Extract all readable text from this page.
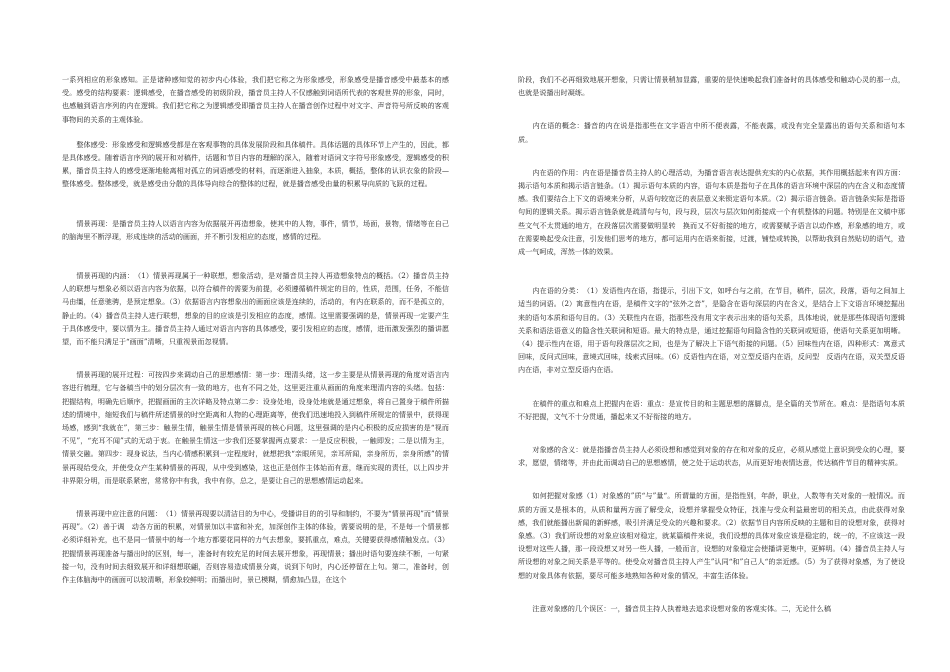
一系列相应的形象感知。正是诸种感知觉的初步内心体验，我们把它称之为形象感受，形象感受是播音感受中最基本的感受。感受的结构要素：逻辑感受，在播音感受的初级阶段，播音员主持人不仅感触到词语所代表的客观世界的形象，同时，也感触到语言序列的内在逻辑。我们把它称之为逻辑感受即播音员主持人在播音创作过程中对文字、声音符号所反映的客观事物间的关系的主观体验。

　　整体感受：形象感受和逻辑感受都是在客观事物的具体发展阶段和具体稿件。具体话题的具体环节上产生的，因此，都是具体感受。随着语言序列的展开和对稿件，话题和节目内容的理解的深入，随着对语词文字符号形象感受，逻辑感受的积累，播音员主持人的感受逐渐地舱离相对孤立的词语感受的材料，而逐渐进入抽象，本质，概括，整体的认识衣象的阶段—整体感受。整体感受，就是感受由分散的具体导向综合的整体的过程，就是播音感受由量的积累导向质的飞跃的过程。

　　情景再现：是播音员主持人以语言内容为依据展开再造想象，使其中的人物，事件，情节，场面，景物，情绪等在自己的脑海里不断浮现，形成连续的活动的画面，并不断引发相应的态度，感情的过程。

　　情景再现的内涵：　（1）情景再现属于一种联想，想象活动，是对播音员主持人再造想象特点的概括。（2）播音员主持人的联想与想象必须以语言内容为依据，以符合稿件的需要为前提，必须遵循稿件规定的目的，性质，范围，任务，不能信马由缰，任意驰骋，是预定想象。（3）依据语言内容想象出的画面应该是连续的，活动的，有内在联系的，而不是孤立的，静止的。（4）播音员主持人进行联想，想象的目的应该是引发相应的态度，感情。这里需要强调的是，情景再现一定要产生于具体感受中，要以情为主。播音员主持人通过对语言内容的具体感受，要引发相应的态度，感情，进而激发强烈的播讲愿望，而不能只满足于“画面”清晰，只重视景而忽视情。

　　情景再现的展开过程：可按四步来调动自己的思想感情：第一步：理清头绪，这一步主要是从情景再现的角度对语言内容进行梳理，它与备稿当中的划分层次有一致的地方，也有不同之处，这里更注重从画面的角度来理清内容的头绪。包括：把握结构，明确先后顺序，把握画面的主次详略及特点第二步：设身处地，设身处地就是通过想象，将自己置身于稿件所描述的情境中，缩短我们与稿件所述情景的时空距离和人物的心理距离等，使我们迅速地投入到稿件所规定的情景中，获得现场感，感到“我就在”，第三步：触景生情，触景生情是情景再现的核心问题，这里强调的是内心积极的反应损害的是“视而不见”，“充耳不闻”式的无动于衷。在触景生情这一步我们还要掌握两点要求：一是反应积极，一触即发；二是以情为主，情景交融。第四步：现身说法，当内心情感积累到一定程度时，就想把我“亲眼所见，亲耳所闻，亲身所历，亲身所感”的情景再现给受众，并使受众产生某种情景的再现，从中受到感染，这也正是创作主体始而有意，继而实现的责任，以上四步并非界限分明，而是联系紧密，常常你中有我，我中有你，总之，是要让自己的思想感情运动起来。

　　情景再现中应注意的问题：　（1）情景再现要以清洁目的为中心，受播讲目的的引导和制约，不要为“情景再现”而“情景再现”。（2）善于调　动各方面的积累，对情景加以丰富和补充，加深创作主体的体验，需要说明的是，不是每一个情景都必须详细补充，也不是同一情景中的每一个地方都要花同样的力气去想象，要抓重点，难点，关键要获得感情触发点。（3）把握情景再现准备与播出时的区别，每一，准备时有较充足的时间去展开想象，再现情景；播出时语句要连续不断，一句紧接一句，没有时间去细致展开和详细想联翩，否则容易造成情景分离，说到下句时，内心还停留在上句。第二，准备时，创作主体脑海中的画面可以较清晰，形象较鲜明；而播出时，景已模糊，情愈加凸显，在这个

阶段，我们不必再细致地展开想象，只需让情景稍加显露，重要的是快速唤起我们准备时的具体感受和触动心灵的那一点，也就是说播出时凝练。

　　内在语的概念：播音的内在说是指那些在文字语言中所不便表露，不能表露，或没有完全显露出的语句关系和语句本质。

　　内在语的作用：内在语是播音员主持人的心理活动，为播音语言表达提供充实的内心依据，其作用概括起来有四方面：揭示语句本质和揭示语言链条。（1）揭示语句本质的内容，语句本质是指句子在具体的语言环境中深层的内在含义和态度情感。我们要结合上下文的语境来分析，从语句较宽泛的表层意义来锁定语句本质。（2）揭示语言链条。语言链条实际是指语句间的逻辑关系。揭示语言链条就是疏清句与句，段与段，层次与层次如何衔接成一个有机整体的问题。特别是在文稿中那些文气不太贯通的地方，在段落层次需要做明显转　换而又不好衔接的地方，或需要赋予语言以动作感，形象感的地方，或在需要唤起受众注意，引发他们思考的地方，都可运用内在语来衔接，过渡，铺垫或转换，以帮助我到自然贴切的语气，造成一气呵成，浑然一体的效果。

　　内在语的分类：　（1）发语性内在语，指提示，引出下文，如呼台与之前，在节目，稿件，层次，段落，语句之间加上适当的词语。（2）寓意性内在语，是稿件文字的“弦外之音”，是隐含在语句深层的内在含义，是结合上下文语言环境挖掘出来的语句本质和语句目的。（3）关联性内在语，指那些没有用文字表示出来的语句关系，具体地说，就是那些体现语句逻辑关系和语法语意义的隐含性关联词和短语。最大的特点是，通过挖掘语句间隐含性的关联词或短语，使语句关系更加明晰。（4）提示性内在语，用于语句段落层次之间，也是为了解决上下语气衔接的问题。（5）回味性内在语，四种形式：寓意式回味，反问式回味，意境式回味，线索式回味。（6）反语性内在语，对立型反语内在语，反问型　反语内在语，双关型反语内在语，非对立型反语内在语。

　　在稿件的重点和难点上把握内在语：重点：是宣传目的和主题思想的落脚点，是全篇的关节所在。难点：是指语句本质不好把握，文气不十分贯通，播起来又不好衔接的地方。

　　对象感的含义：就是指播音员主持人必须设想和感觉到对象的存在和对象的反应，必须从感觉上意识到受众的心理，要求，愿望，情绪等，并由此而调动自己的思想感情，使之处于运动状态，从而更好地表情达意，传达稿件节目的精神实质。

　　如何把握对象感（1）对象感的”质“与”量“。所谓量的方面，是指性别，年龄，职业，人数等有关对象的一般情况。而质的方面又是根本的，从质和量两方面了解受众，设想并掌握受众特征，找准与受众利益最密切的相关点，由此获得对象感，我们就能播出新闻的新鲜感，吸引并满足受众的兴趣和要求。（2）依据节目内容所反映的主题和目的设想对象，获得对象感。（3）我们所设想的对象应该相对稳定，就某篇稿件来说，我们设想的具体对象应该是稳定的，统一的，不应该这一段设想对这些人播，那一段设想又对另一些人播，一般而言，设想的对象稳定会使播讲更集中，更鲜明。（4）播音员主持人与所设想的对象之间关系是平等的。使受众对播音员主持人产生”认同“和”自己人“的亲近感。（5）为了获得对象感，为了使设想的对象具体有依据，要尽可能多地熟知各种对象的情况，丰富生活体验。

　　注意对象感的几个误区：一，播音员主持人执着地去追求设想对象的客观实体。二，无论什么稿
